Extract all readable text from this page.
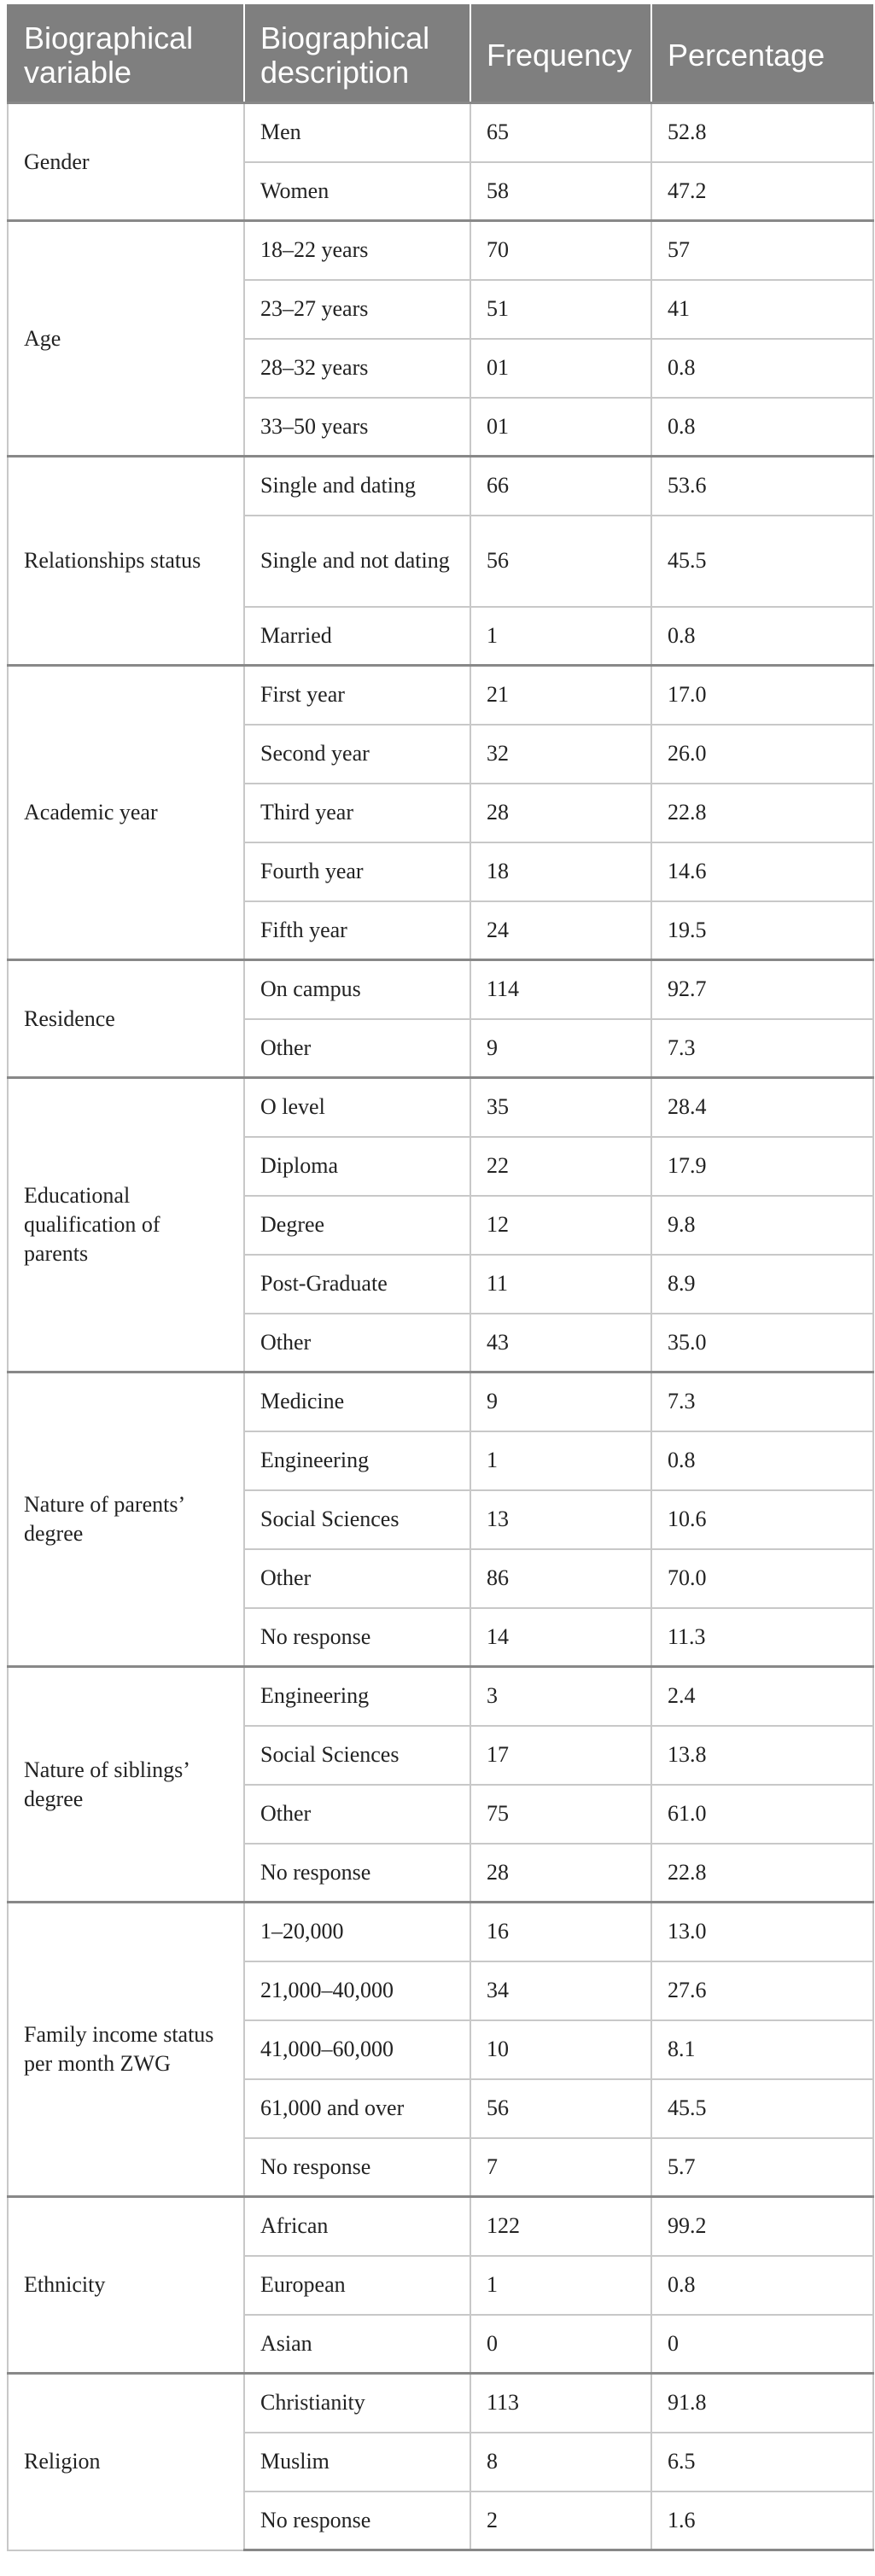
Biographical variable	Biographical description	Frequency	Percentage
Gender	Men	65	52.8
	Women	58	47.2
Age	18–22 years	70	57
	23–27 years	51	41
	28–32 years	01	0.8
	33–50 years	01	0.8
Relationships status	Single and dating	66	53.6
	Single and not dating	56	45.5
	Married	1	0.8
Academic year	First year	21	17.0
	Second year	32	26.0
	Third year	28	22.8
	Fourth year	18	14.6
	Fifth year	24	19.5
Residence	On campus	114	92.7
	Other	9	7.3
Educational qualification of parents	O level	35	28.4
	Diploma	22	17.9
	Degree	12	9.8
	Post-Graduate	11	8.9
	Other	43	35.0
Nature of parents’ degree	Medicine	9	7.3
	Engineering	1	0.8
	Social Sciences	13	10.6
	Other	86	70.0
	No response	14	11.3
Nature of siblings’ degree	Engineering	3	2.4
	Social Sciences	17	13.8
	Other	75	61.0
	No response	28	22.8
Family income status per month ZWG	1–20,000	16	13.0
	21,000–40,000	34	27.6
	41,000–60,000	10	8.1
	61,000 and over	56	45.5
	No response	7	5.7
Ethnicity	African	122	99.2
	European	1	0.8
	Asian	0	0
Religion	Christianity	113	91.8
	Muslim	8	6.5
	No response	2	1.6
